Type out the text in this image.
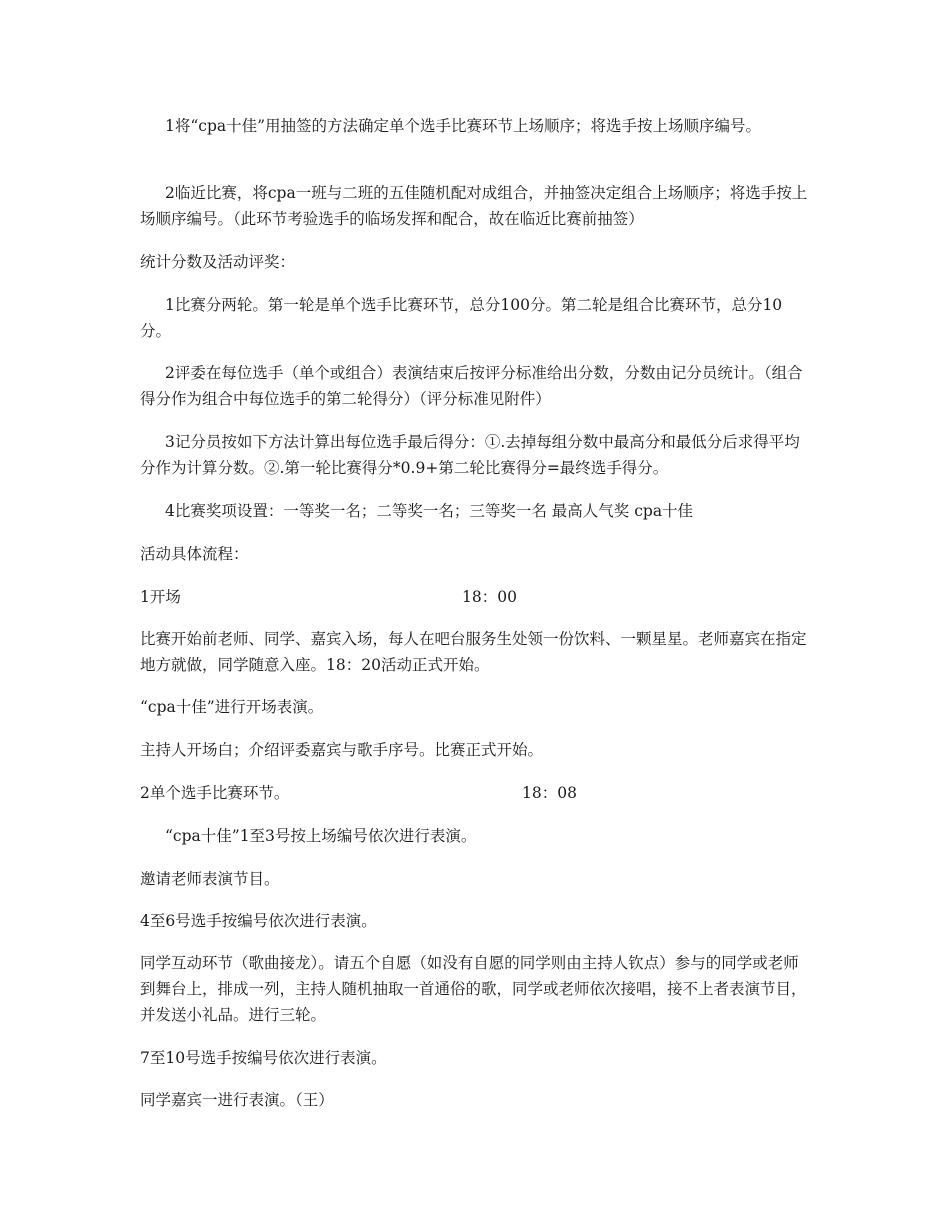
1将“cpa十佳”用抽签的方法确定单个选手比赛环节上场顺序；将选手按上场顺序编号。

2临近比赛，将cpa一班与二班的五佳随机配对成组合，并抽签决定组合上场顺序；将选手按上场顺序编号。（此环节考验选手的临场发挥和配合，故在临近比赛前抽签）

统计分数及活动评奖：

1比赛分两轮。第一轮是单个选手比赛环节，总分100分。第二轮是组合比赛环节，总分10分。

2评委在每位选手（单个或组合）表演结束后按评分标准给出分数，分数由记分员统计。（组合得分作为组合中每位选手的第二轮得分）（评分标准见附件）

3记分员按如下方法计算出每位选手最后得分：①.去掉每组分数中最高分和最低分后求得平均分作为计算分数。②.第一轮比赛得分*0.9+第二轮比赛得分=最终选手得分。

4比赛奖项设置：一等奖一名；二等奖一名；三等奖一名 最高人气奖 cpa十佳

活动具体流程：

1开场	18：00

比赛开始前老师、同学、嘉宾入场，每人在吧台服务生处领一份饮料、一颗星星。老师嘉宾在指定地方就做，同学随意入座。18：20活动正式开始。

“cpa十佳”进行开场表演。

主持人开场白；介绍评委嘉宾与歌手序号。比赛正式开始。

2单个选手比赛环节。	18：08

“cpa十佳”1至3号按上场编号依次进行表演。

邀请老师表演节目。

4至6号选手按编号依次进行表演。

同学互动环节（歌曲接龙）。请五个自愿（如没有自愿的同学则由主持人钦点）参与的同学或老师到舞台上，排成一列，主持人随机抽取一首通俗的歌，同学或老师依次接唱，接不上者表演节目，并发送小礼品。进行三轮。

7至10号选手按编号依次进行表演。

同学嘉宾一进行表演。（王）
